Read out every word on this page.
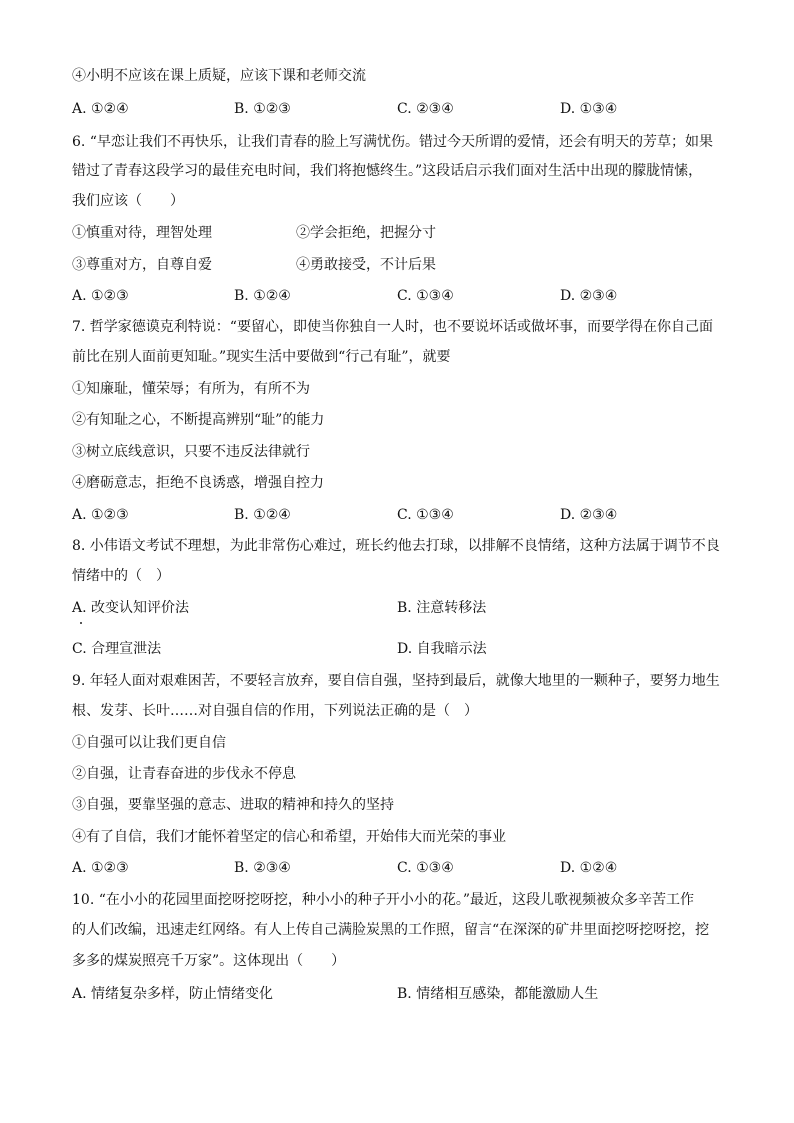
④小明不应该在课上质疑，应该下课和老师交流
A. ①②④	B. ①②③	C. ②③④	D. ①③④
6. “早恋让我们不再快乐，让我们青春的脸上写满忧伤。错过今天所谓的爱情，还会有明天的芳草；如果
错过了青春这段学习的最佳充电时间，我们将抱憾终生。”这段话启示我们面对生活中出现的朦胧情愫，
我们应该（　　）
①慎重对待，理智处理	②学会拒绝，把握分寸
③尊重对方，自尊自爱	④勇敢接受，不计后果
A. ①②③	B. ①②④	C. ①③④	D. ②③④
7. 哲学家德谟克利特说：“要留心，即使当你独自一人时，也不要说坏话或做坏事，而要学得在你自己面
前比在别人面前更知耻。”现实生活中要做到“行己有耻”，就要
①知廉耻，懂荣辱；有所为，有所不为
②有知耻之心，不断提高辨别“耻”的能力
③树立底线意识，只要不违反法律就行
④磨砺意志，拒绝不良诱惑，增强自控力
A. ①②③	B. ①②④	C. ①③④	D. ②③④
8. 小伟语文考试不理想，为此非常伤心难过，班长约他去打球，以排解不良情绪，这种方法属于调节不良
情绪中的（　）
A. 改变认知评价法	B. 注意转移法
C. 合理宣泄法	D. 自我暗示法
9. 年轻人面对艰难困苦，不要轻言放弃，要自信自强，坚持到最后，就像大地里的一颗种子，要努力地生
根、发芽、长叶……对自强自信的作用，下列说法正确的是（　）
①自强可以让我们更自信
②自强，让青春奋进的步伐永不停息
③自强，要靠坚强的意志、进取的精神和持久的坚持
④有了自信，我们才能怀着坚定的信心和希望，开始伟大而光荣的事业
A. ①②③	B. ②③④	C. ①③④	D. ①②④
10. “在小小的花园里面挖呀挖呀挖，种小小的种子开小小的花。”最近，这段儿歌视频被众多辛苦工作
的人们改编，迅速走红网络。有人上传自己满脸炭黑的工作照，留言“在深深的矿井里面挖呀挖呀挖，挖
多多的煤炭照亮千万家”。这体现出（　　）
A. 情绪复杂多样，防止情绪变化	B. 情绪相互感染，都能激励人生
